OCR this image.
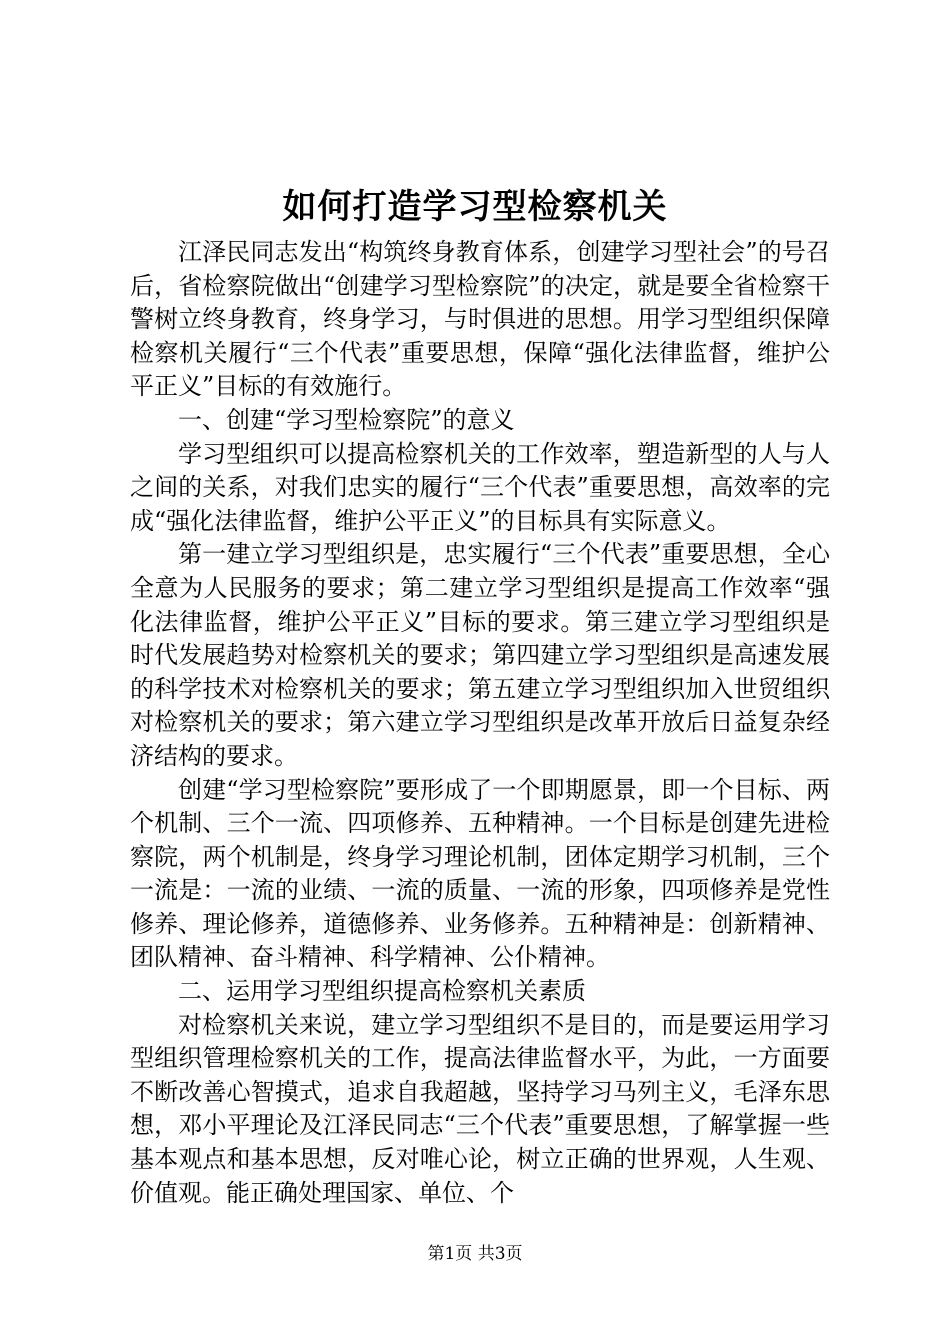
如何打造学习型检察机关

江泽民同志发出“构筑终身教育体系，创建学习型社会”的号召后，省检察院做出“创建学习型检察院”的决定，就是要全省检察干警树立终身教育，终身学习，与时俱进的思想。用学习型组织保障检察机关履行“三个代表”重要思想，保障“强化法律监督，维护公平正义”目标的有效施行。

一、创建“学习型检察院”的意义

学习型组织可以提高检察机关的工作效率，塑造新型的人与人之间的关系，对我们忠实的履行“三个代表”重要思想，高效率的完成“强化法律监督，维护公平正义”的目标具有实际意义。

第一建立学习型组织是，忠实履行“三个代表”重要思想，全心全意为人民服务的要求；第二建立学习型组织是提高工作效率“强化法律监督，维护公平正义”目标的要求。第三建立学习型组织是时代发展趋势对检察机关的要求；第四建立学习型组织是高速发展的科学技术对检察机关的要求；第五建立学习型组织加入世贸组织对检察机关的要求；第六建立学习型组织是改革开放后日益复杂经济结构的要求。

创建“学习型检察院”要形成了一个即期愿景，即一个目标、两个机制、三个一流、四项修养、五种精神。一个目标是创建先进检察院，两个机制是，终身学习理论机制，团体定期学习机制，三个一流是：一流的业绩、一流的质量、一流的形象，四项修养是党性修养、理论修养，道德修养、业务修养。五种精神是：创新精神、团队精神、奋斗精神、科学精神、公仆精神。

二、运用学习型组织提高检察机关素质

对检察机关来说，建立学习型组织不是目的，而是要运用学习型组织管理检察机关的工作，提高法律监督水平，为此，一方面要不断改善心智摸式，追求自我超越，坚持学习马列主义，毛泽东思想，邓小平理论及江泽民同志“三个代表”重要思想，了解掌握一些基本观点和基本思想，反对唯心论，树立正确的世界观，人生观、价值观。能正确处理国家、单位、个

第1页 共3页
